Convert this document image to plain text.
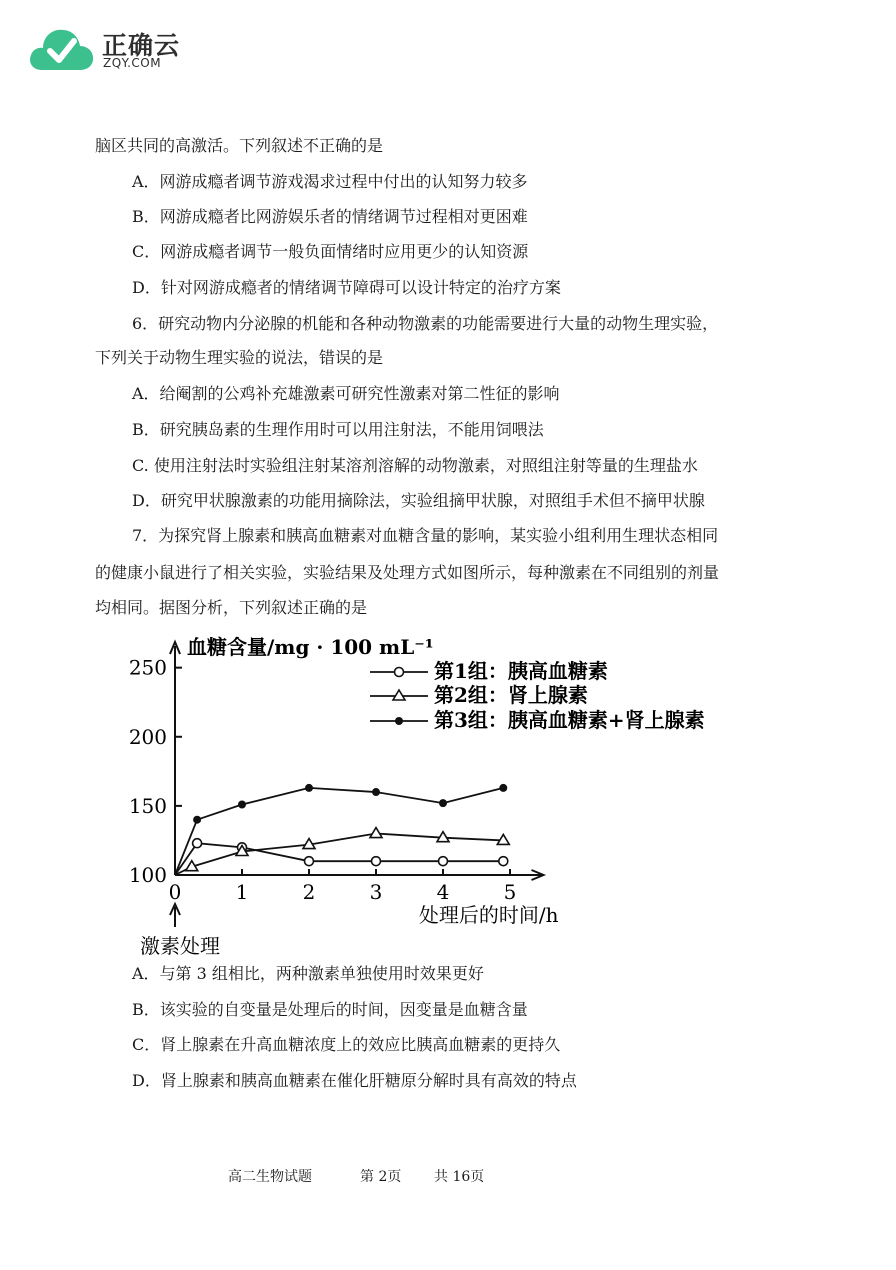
正确云
ZQY.COM
脑区共同的高激活。下列叙述不正确的是
A．网游成瘾者调节游戏渴求过程中付出的认知努力较多
B．网游成瘾者比网游娱乐者的情绪调节过程相对更困难
C．网游成瘾者调节一般负面情绪时应用更少的认知资源
D．针对网游成瘾者的情绪调节障碍可以设计特定的治疗方案
6．研究动物内分泌腺的机能和各种动物激素的功能需要进行大量的动物生理实验，
下列关于动物生理实验的说法，错误的是
A．给阉割的公鸡补充雄激素可研究性激素对第二性征的影响
B．研究胰岛素的生理作用时可以用注射法，不能用饲喂法
C. 使用注射法时实验组注射某溶剂溶解的动物激素，对照组注射等量的生理盐水
D．研究甲状腺激素的功能用摘除法，实验组摘甲状腺，对照组手术但不摘甲状腺
7．为探究肾上腺素和胰高血糖素对血糖含量的影响，某实验小组利用生理状态相同
的健康小鼠进行了相关实验，实验结果及处理方式如图所示，每种激素在不同组别的剂量
均相同。据图分析，下列叙述正确的是
100
150
200
250
0	1	2	3	4	5
血糖含量/mg · 100 mL⁻¹
处理后的时间/h
激素处理
第1组：胰高血糖素
第2组：肾上腺素
第3组：胰高血糖素+肾上腺素
A．与第 3 组相比，两种激素单独使用时效果更好
B．该实验的自变量是处理后的时间，因变量是血糖含量
C．肾上腺素在升高血糖浓度上的效应比胰高血糖素的更持久
D．肾上腺素和胰高血糖素在催化肝糖原分解时具有高效的特点
高二生物试题	第 2页 共 16页
